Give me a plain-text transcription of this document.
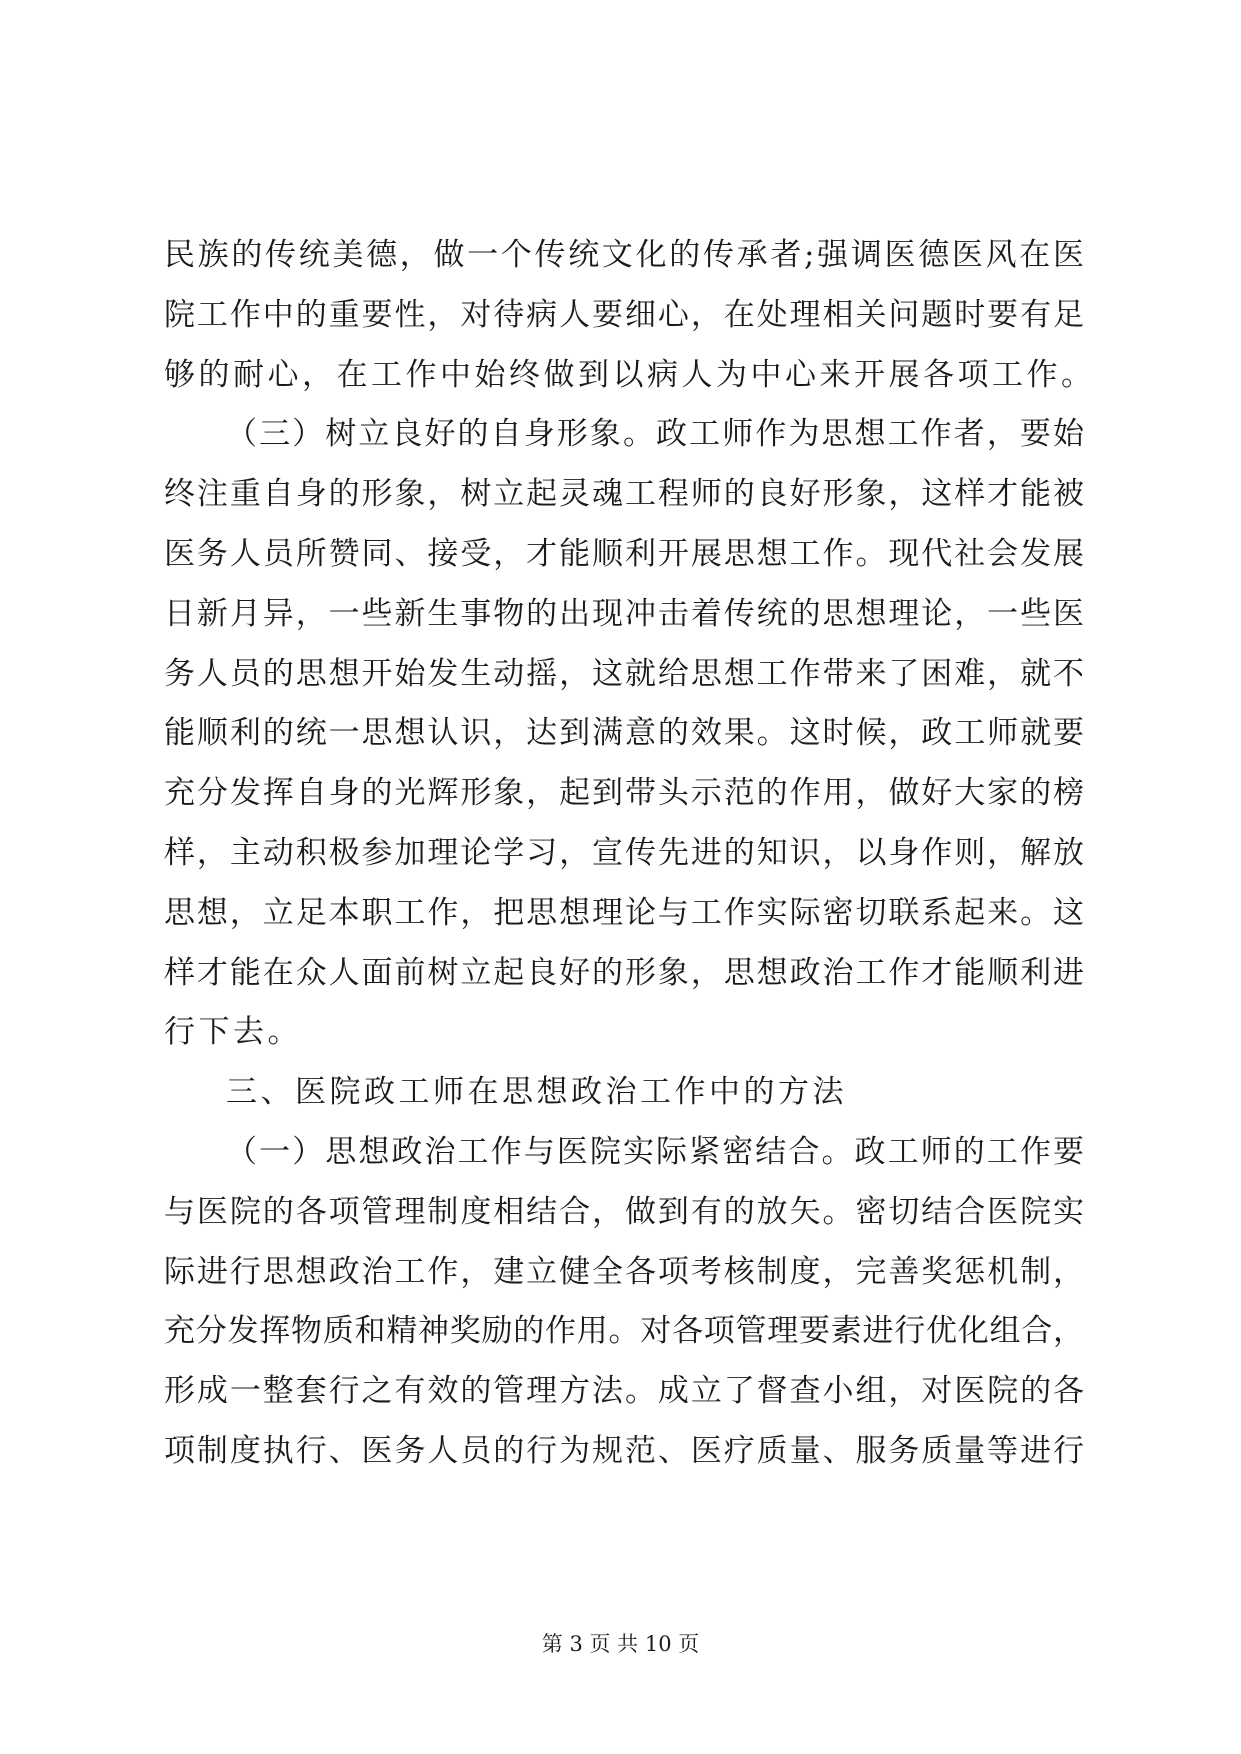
民族的传统美德，做一个传统文化的传承者;强调医德医风在医
院工作中的重要性，对待病人要细心，在处理相关问题时要有足
够的耐心，在工作中始终做到以病人为中心来开展各项工作。
（三）树立良好的自身形象。政工师作为思想工作者，要始
终注重自身的形象，树立起灵魂工程师的良好形象，这样才能被
医务人员所赞同、接受，才能顺利开展思想工作。现代社会发展
日新月异，一些新生事物的出现冲击着传统的思想理论，一些医
务人员的思想开始发生动摇，这就给思想工作带来了困难，就不
能顺利的统一思想认识，达到满意的效果。这时候，政工师就要
充分发挥自身的光辉形象，起到带头示范的作用，做好大家的榜
样，主动积极参加理论学习，宣传先进的知识，以身作则，解放
思想，立足本职工作，把思想理论与工作实际密切联系起来。这
样才能在众人面前树立起良好的形象，思想政治工作才能顺利进
行下去。
三、医院政工师在思想政治工作中的方法
（一）思想政治工作与医院实际紧密结合。政工师的工作要
与医院的各项管理制度相结合，做到有的放矢。密切结合医院实
际进行思想政治工作，建立健全各项考核制度，完善奖惩机制，
充分发挥物质和精神奖励的作用。对各项管理要素进行优化组合，
形成一整套行之有效的管理方法。成立了督查小组，对医院的各
项制度执行、医务人员的行为规范、医疗质量、服务质量等进行
第 3 页 共 10 页
